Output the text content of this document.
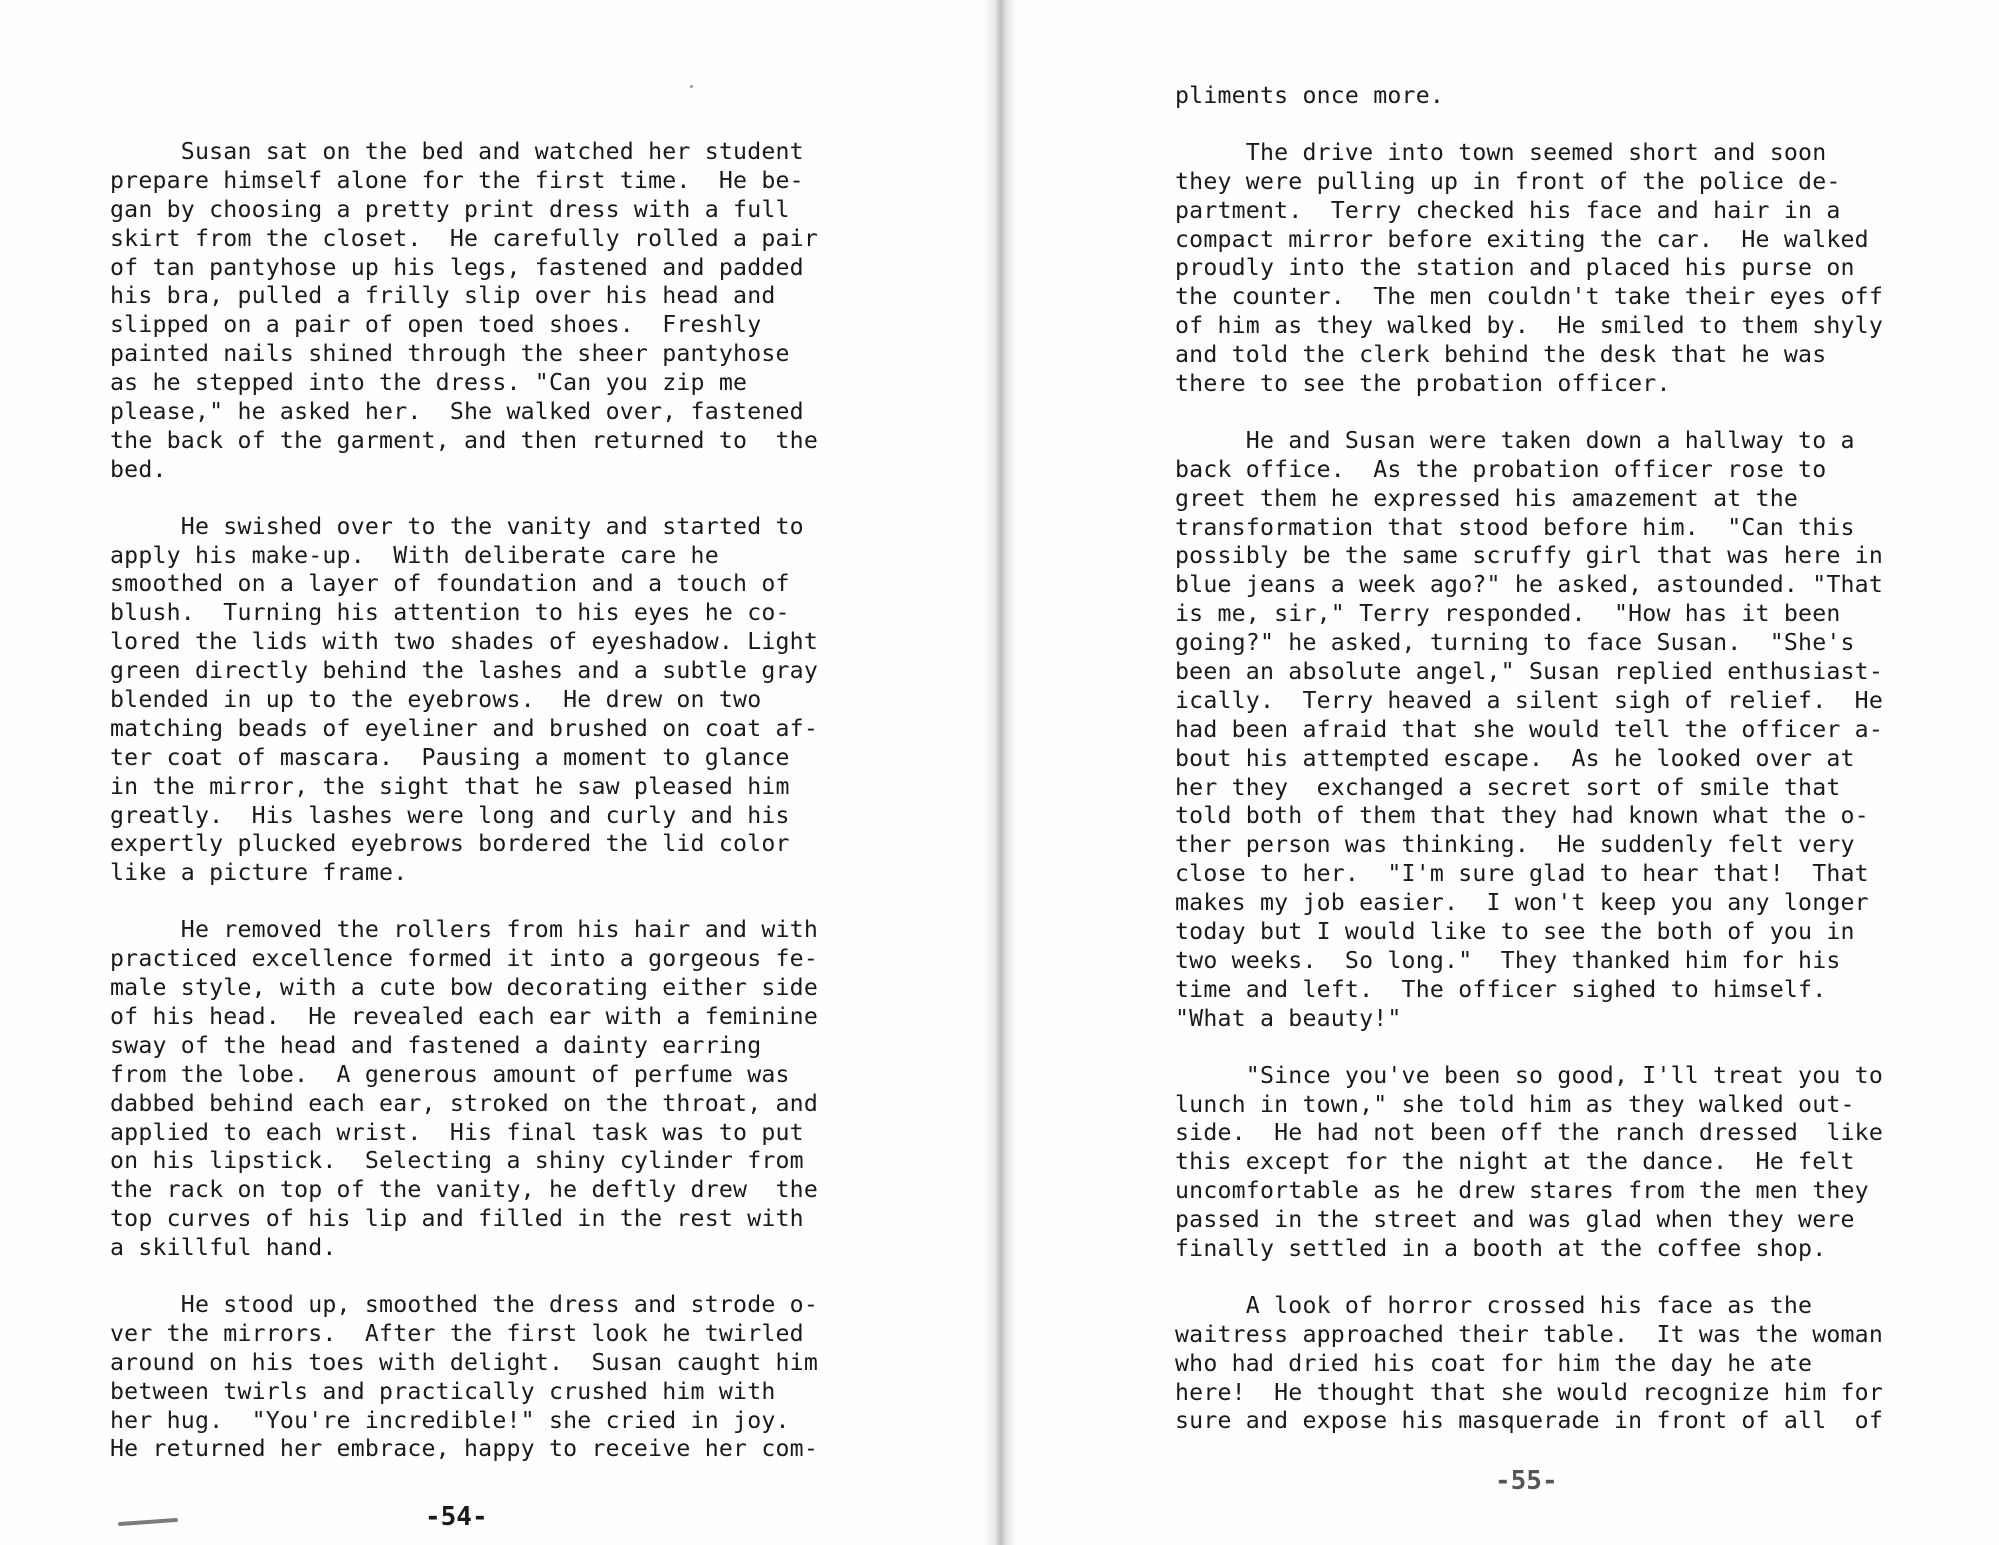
Susan sat on the bed and watched her student
prepare himself alone for the first time.  He be-
gan by choosing a pretty print dress with a full
skirt from the closet.  He carefully rolled a pair
of tan pantyhose up his legs, fastened and padded
his bra, pulled a frilly slip over his head and
slipped on a pair of open toed shoes.  Freshly
painted nails shined through the sheer pantyhose
as he stepped into the dress. "Can you zip me
please," he asked her.  She walked over, fastened
the back of the garment, and then returned to  the
bed.
He swished over to the vanity and started to
apply his make-up.  With deliberate care he
smoothed on a layer of foundation and a touch of
blush.  Turning his attention to his eyes he co-
lored the lids with two shades of eyeshadow. Light
green directly behind the lashes and a subtle gray
blended in up to the eyebrows.  He drew on two
matching beads of eyeliner and brushed on coat af-
ter coat of mascara.  Pausing a moment to glance
in the mirror, the sight that he saw pleased him
greatly.  His lashes were long and curly and his
expertly plucked eyebrows bordered the lid color
like a picture frame.
He removed the rollers from his hair and with
practiced excellence formed it into a gorgeous fe-
male style, with a cute bow decorating either side
of his head.  He revealed each ear with a feminine
sway of the head and fastened a dainty earring
from the lobe.  A generous amount of perfume was
dabbed behind each ear, stroked on the throat, and
applied to each wrist.  His final task was to put
on his lipstick.  Selecting a shiny cylinder from
the rack on top of the vanity, he deftly drew  the
top curves of his lip and filled in the rest with
a skillful hand.
He stood up, smoothed the dress and strode o-
ver the mirrors.  After the first look he twirled
around on his toes with delight.  Susan caught him
between twirls and practically crushed him with
her hug.  "You're incredible!" she cried in joy.
He returned her embrace, happy to receive her com-
-54-
pliments once more.
The drive into town seemed short and soon
they were pulling up in front of the police de-
partment.  Terry checked his face and hair in a
compact mirror before exiting the car.  He walked
proudly into the station and placed his purse on
the counter.  The men couldn't take their eyes off
of him as they walked by.  He smiled to them shyly
and told the clerk behind the desk that he was
there to see the probation officer.
He and Susan were taken down a hallway to a
back office.  As the probation officer rose to
greet them he expressed his amazement at the
transformation that stood before him.  "Can this
possibly be the same scruffy girl that was here in
blue jeans a week ago?" he asked, astounded. "That
is me, sir," Terry responded.  "How has it been
going?" he asked, turning to face Susan.  "She's
been an absolute angel," Susan replied enthusiast-
ically.  Terry heaved a silent sigh of relief.  He
had been afraid that she would tell the officer a-
bout his attempted escape.  As he looked over at
her they  exchanged a secret sort of smile that
told both of them that they had known what the o-
ther person was thinking.  He suddenly felt very
close to her.  "I'm sure glad to hear that!  That
makes my job easier.  I won't keep you any longer
today but I would like to see the both of you in
two weeks.  So long."  They thanked him for his
time and left.  The officer sighed to himself.
"What a beauty!"
"Since you've been so good, I'll treat you to
lunch in town," she told him as they walked out-
side.  He had not been off the ranch dressed  like
this except for the night at the dance.  He felt
uncomfortable as he drew stares from the men they
passed in the street and was glad when they were
finally settled in a booth at the coffee shop.
A look of horror crossed his face as the
waitress approached their table.  It was the woman
who had dried his coat for him the day he ate
here!  He thought that she would recognize him for
sure and expose his masquerade in front of all  of
-55-
